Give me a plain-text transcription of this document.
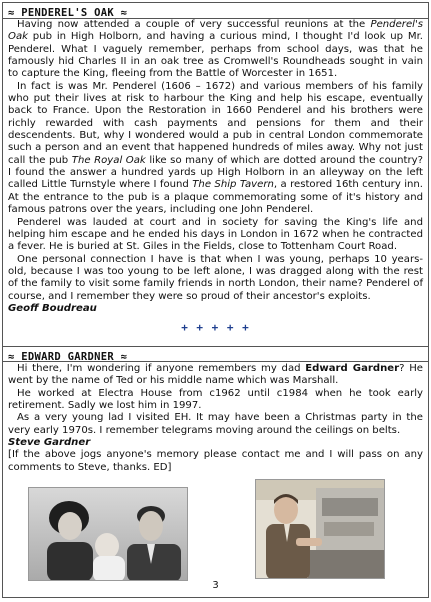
≈ PENDEREL'S OAK ≈

Having now attended a couple of very successful reunions at the Penderel's Oak pub in High Holborn, and having a curious mind, I thought I'd look up Mr. Penderel. What I vaguely remember, perhaps from school days, was that he famously hid Charles II in an oak tree as Cromwell's Roundheads sought in vain to capture the King, fleeing from the Battle of Worcester in 1651.

In fact is was Mr. Penderel (1606 – 1672) and various members of his family who put their lives at risk to harbour the King and help his escape, eventually back to France. Upon the Restoration in 1660 Penderel and his brothers were richly rewarded with cash payments and pensions for them and their descendents. But, why I wondered would a pub in central London commemorate such a person and an event that happened hundreds of miles away. Why not just call the pub The Royal Oak like so many of which are dotted around the country? I found the answer a hundred yards up High Holborn in an alleyway on the left called Little Turnstyle where I found The Ship Tavern, a restored 16th century inn. At the entrance to the pub is a plaque commemorating some of it's history and famous patrons over the years, including one John Penderel.

Penderel was lauded at court and in society for saving the King's life and helping him escape and he ended his days in London in 1672 when he contracted a fever. He is buried at St. Giles in the Fields, close to Tottenham Court Road.

One personal connection I have is that when I was young, perhaps 10 years-old, because I was too young to be left alone, I was dragged along with the rest of the family to visit some family friends in north London, their name? Penderel of course, and I remember they were so proud of their ancestor's exploits.

Geoff Boudreau

+ + + + +
≈ EDWARD GARDNER ≈

Hi there, I'm wondering if anyone remembers my dad Edward Gardner? He went by the name of Ted or his middle name which was Marshall.

He worked at Electra House from c1962 until c1984 when he took early retirement. Sadly we lost him in 1997.

As a very young lad I visited EH. It may have been a Christmas party in the very early 1970s. I remember telegrams moving around the ceilings on belts.

Steve Gardner

[If the above jogs anyone's memory please contact me and I will pass on any comments to Steve, thanks. ED]

3
